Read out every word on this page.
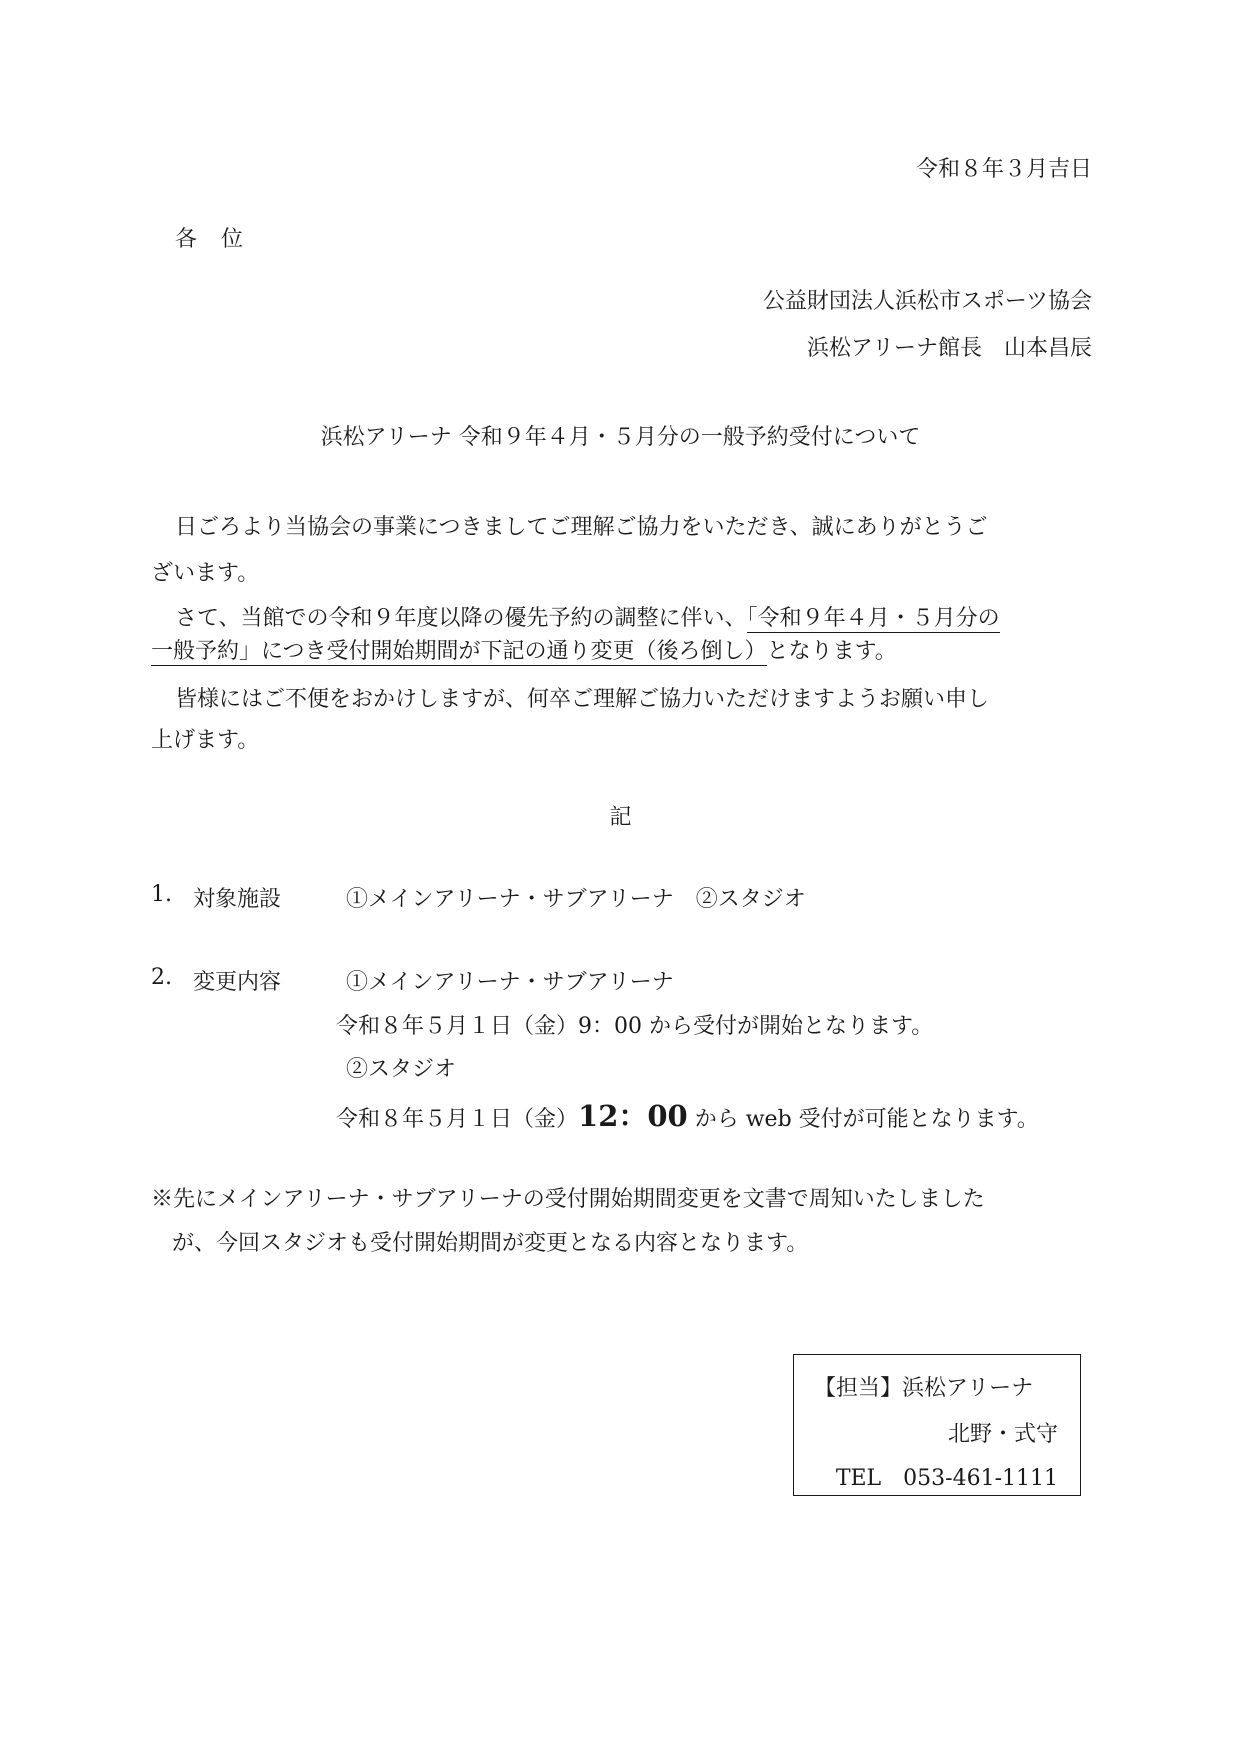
令和８年３月吉日
各　位
公益財団法人浜松市スポーツ協会
浜松アリーナ館長　山本昌辰
浜松アリーナ 令和９年４月・５月分の一般予約受付について
日ごろより当協会の事業につきましてご理解ご協力をいただき、誠にありがとうご
ざいます。
さて、当館での令和９年度以降の優先予約の調整に伴い、「令和９年４月・５月分の
一般予約」につき受付開始期間が下記の通り変更（後ろ倒し）となります。
皆様にはご不便をおかけしますが、何卒ご理解ご協力いただけますようお願い申し
上げます。
記
1. 対象施設	①メインアリーナ・サブアリーナ　②スタジオ
2. 変更内容	①メインアリーナ・サブアリーナ
令和８年５月１日（金）9：00 から受付が開始となります。
②スタジオ
令和８年５月１日（金）12：00 から web 受付が可能となります。
※先にメインアリーナ・サブアリーナの受付開始期間変更を文書で周知いたしました
が、今回スタジオも受付開始期間が変更となる内容となります。
【担当】浜松アリーナ
北野・式守
TEL　053-461-1111
